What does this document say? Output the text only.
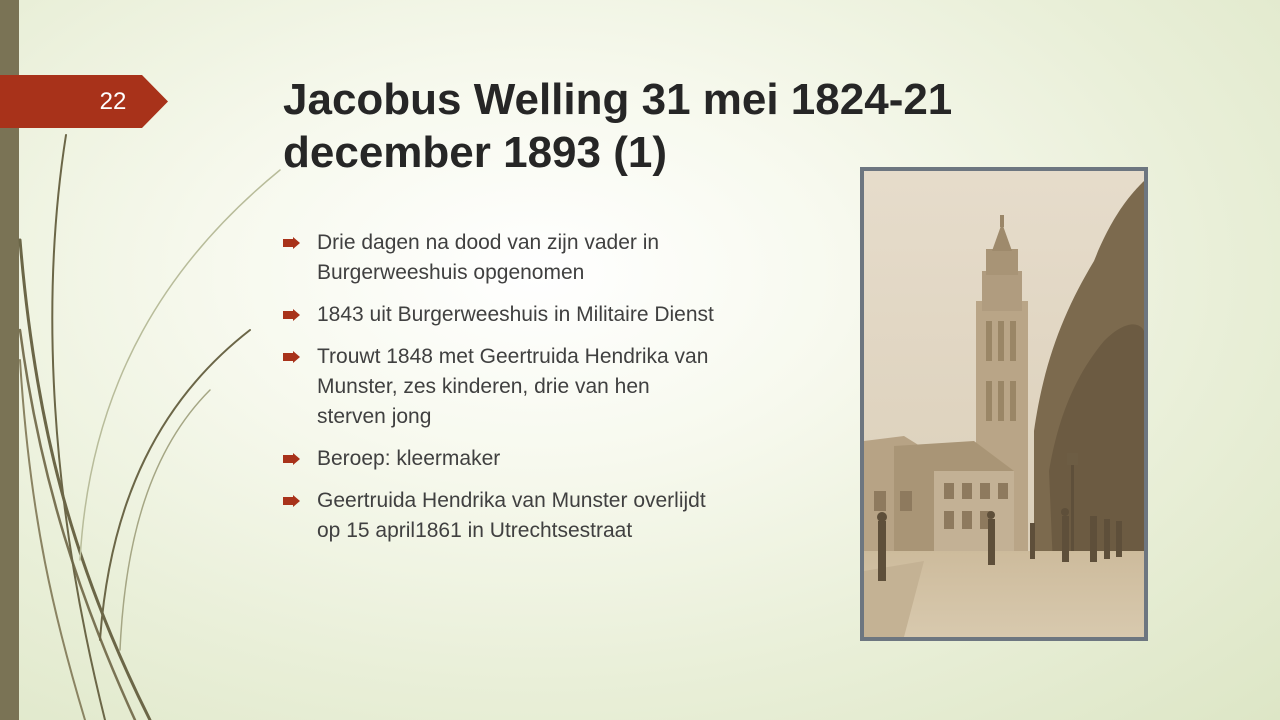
22	Jacobus Welling 31 mei 1824-21 december 1893 (1)
Drie dagen na dood van zijn vader in Burgerweeshuis opgenomen
1843 uit Burgerweeshuis in Militaire Dienst
Trouwt 1848 met Geertruida Hendrika van Munster, zes kinderen, drie van hen sterven jong
Beroep: kleermaker
Geertruida Hendrika van Munster overlijdt op 15 april1861 in Utrechtsestraat
